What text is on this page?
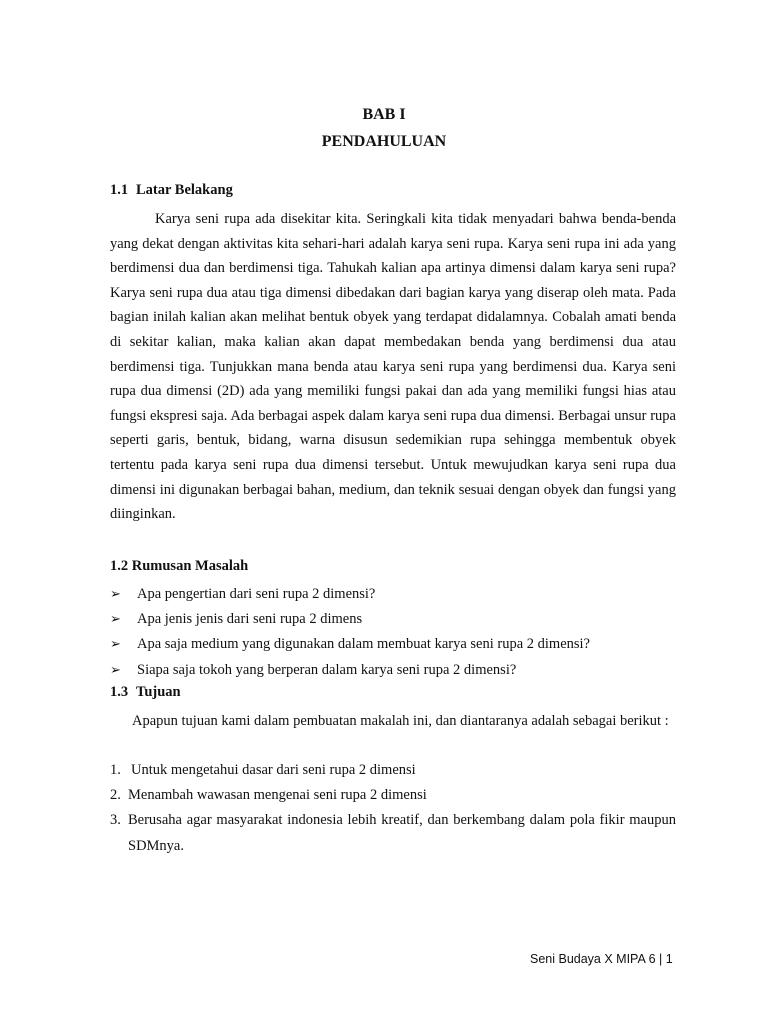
BAB I
PENDAHULUAN
1.1 Latar Belakang

Karya seni rupa ada disekitar kita. Seringkali kita tidak menyadari bahwa benda-benda yang dekat dengan aktivitas kita sehari-hari adalah karya seni rupa. Karya seni rupa ini ada yang berdimensi dua dan berdimensi tiga. Tahukah kalian apa artinya dimensi dalam karya seni rupa? Karya seni rupa dua atau tiga dimensi dibedakan dari bagian karya yang diserap oleh mata. Pada bagian inilah kalian akan melihat bentuk obyek yang terdapat didalamnya. Cobalah amati benda di sekitar kalian, maka kalian akan dapat membedakan benda yang berdimensi dua atau berdimensi tiga. Tunjukkan mana benda atau karya seni rupa yang berdimensi dua. Karya seni rupa dua dimensi (2D) ada yang memiliki fungsi pakai dan ada yang memiliki fungsi hias atau fungsi ekspresi saja. Ada berbagai aspek dalam karya seni rupa dua dimensi. Berbagai unsur rupa seperti garis, bentuk, bidang, warna disusun sedemikian rupa sehingga membentuk obyek tertentu pada karya seni rupa dua dimensi tersebut. Untuk mewujudkan karya seni rupa dua dimensi ini digunakan berbagai bahan, medium, dan teknik sesuai dengan obyek dan fungsi yang diinginkan.

1.2 Rumusan Masalah
➢ Apa pengertian dari seni rupa 2 dimensi?
➢ Apa jenis jenis dari seni rupa 2 dimens
➢ Apa saja medium yang digunakan dalam membuat karya seni rupa 2 dimensi?
➢ Siapa saja tokoh yang berperan dalam karya seni rupa 2 dimensi?
1.3 Tujuan

Apapun tujuan kami dalam pembuatan makalah ini, dan diantaranya adalah sebagai berikut :

1. Untuk mengetahui dasar dari seni rupa 2 dimensi
2. Menambah wawasan mengenai seni rupa 2 dimensi
3. Berusaha agar masyarakat indonesia lebih kreatif, dan berkembang dalam pola fikir maupun SDMnya.
Seni Budaya X MIPA 6 | 1
